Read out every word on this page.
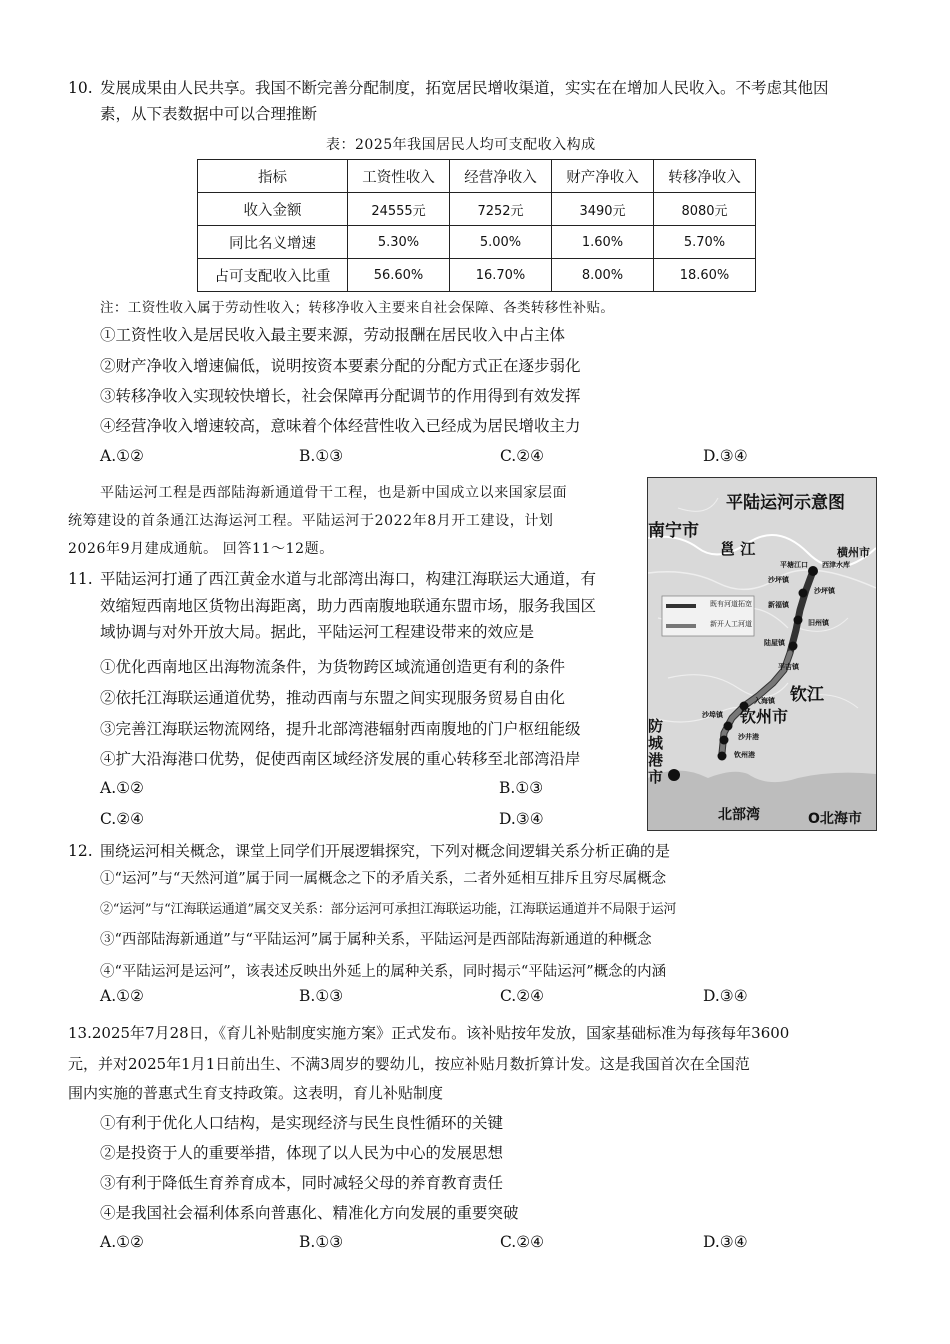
10. 发展成果由人民共享。我国不断完善分配制度，拓宽居民增收渠道，实实在在增加人民收入。不考虑其他因
素，从下表数据中可以合理推断
表：2025年我国居民人均可支配收入构成
指标	工资性收入	经营净收入	财产净收入	转移净收入
收入金额	24555元	7252元	3490元	8080元
同比名义增速	5.30%	5.00%	1.60%	5.70%
占可支配收入比重	56.60%	16.70%	8.00%	18.60%
注：工资性收入属于劳动性收入；转移净收入主要来自社会保障、各类转移性补贴。
①工资性收入是居民收入最主要来源，劳动报酬在居民收入中占主体
②财产净收入增速偏低，说明按资本要素分配的分配方式正在逐步弱化
③转移净收入实现较快增长，社会保障再分配调节的作用得到有效发挥
④经营净收入增速较高，意味着个体经营性收入已经成为居民增收主力
A.①②	B.①③	C.②④	D.③④
平陆运河工程是西部陆海新通道骨干工程，也是新中国成立以来国家层面
统筹建设的首条通江达海运河工程。平陆运河于2022年8月开工建设，计划
2026年9月建成通航。 回答11～12题。
平陆运河示意图
南宁市
邕 江	横州市
既有河道拓宽
新开人工河道
平塘江口 西津水库
沙坪镇
新福镇
沙坪镇
旧州镇
陆屋镇
平吉镇
入海镇
沙埠镇
沙井港
钦州港
钦江
钦州市
防城港市
北部湾	O北海市
11. 平陆运河打通了西江黄金水道与北部湾出海口，构建江海联运大通道，有
效缩短西南地区货物出海距离，助力西南腹地联通东盟市场，服务我国区
域协调与对外开放大局。据此，平陆运河工程建设带来的效应是
①优化西南地区出海物流条件，为货物跨区域流通创造更有利的条件
②依托江海联运通道优势，推动西南与东盟之间实现服务贸易自由化
③完善江海联运物流网络，提升北部湾港辐射西南腹地的门户枢纽能级
④扩大沿海港口优势，促使西南区域经济发展的重心转移至北部湾沿岸
A.①②	B.①③
C.②④	D.③④
12. 围绕运河相关概念，课堂上同学们开展逻辑探究，下列对概念间逻辑关系分析正确的是
①“运河”与“天然河道”属于同一属概念之下的矛盾关系，二者外延相互排斥且穷尽属概念
②“运河”与“江海联运通道”属交叉关系：部分运河可承担江海联运功能，江海联运通道并不局限于运河
③“西部陆海新通道”与“平陆运河”属于属种关系，平陆运河是西部陆海新通道的种概念
④“平陆运河是运河”，该表述反映出外延上的属种关系，同时揭示“平陆运河”概念的内涵
A.①②	B.①③	C.②④	D.③④
13.2025年7月28日，《育儿补贴制度实施方案》正式发布。该补贴按年发放，国家基础标准为每孩每年3600
元，并对2025年1月1日前出生、不满3周岁的婴幼儿，按应补贴月数折算计发。这是我国首次在全国范
围内实施的普惠式生育支持政策。这表明，育儿补贴制度
①有利于优化人口结构，是实现经济与民生良性循环的关键
②是投资于人的重要举措，体现了以人民为中心的发展思想
③有利于降低生育养育成本，同时减轻父母的养育教育责任
④是我国社会福利体系向普惠化、精准化方向发展的重要突破
A.①②	B.①③	C.②④	D.③④
